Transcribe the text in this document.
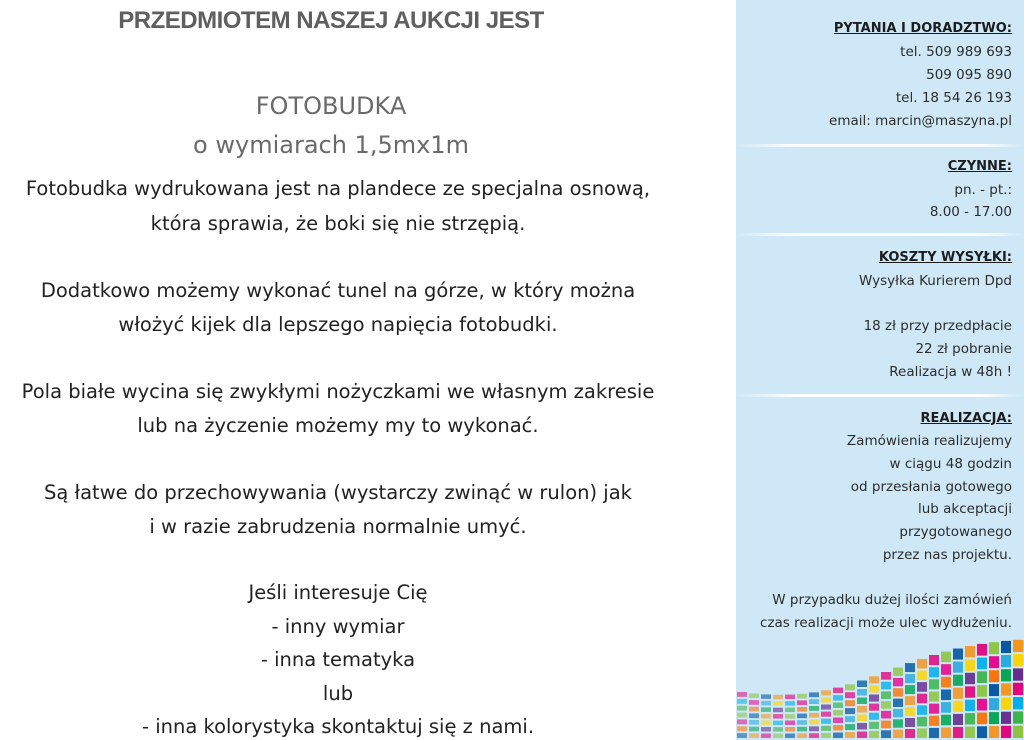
PRZEDMIOTEM NASZEJ AUKCJI JEST
FOTOBUDKA
o wymiarach 1,5mx1m
Fotobudka wydrukowana jest na plandece ze specjalna osnową,
która sprawia, że boki się nie strzępią.
Dodatkowo możemy wykonać tunel na górze, w który można
włożyć kijek dla lepszego napięcia fotobudki.
Pola białe wycina się zwykłymi nożyczkami we własnym zakresie
lub na życzenie możemy my to wykonać.
Są łatwe do przechowywania (wystarczy zwinąć w rulon) jak
i w razie zabrudzenia normalnie umyć.
Jeśli interesuje Cię
- inny wymiar
- inna tematyka
lub
- inna kolorystyka skontaktuj się z nami.
PYTANIA I DORADZTWO:
tel. 509 989 693
509 095 890
tel. 18 54 26 193
email: marcin@maszyna.pl
CZYNNE:
pn. - pt.:
8.00 - 17.00
KOSZTY WYSYŁKI:
Wysyłka Kurierem Dpd
18 zł przy przedpłacie
22 zł pobranie
Realizacja w 48h !
REALIZACJA:
Zamówienia realizujemy
w ciągu 48 godzin
od przesłania gotowego
lub akceptacji
przygotowanego
przez nas projektu.
W przypadku dużej ilości zamówień
czas realizacji może ulec wydłużeniu.
